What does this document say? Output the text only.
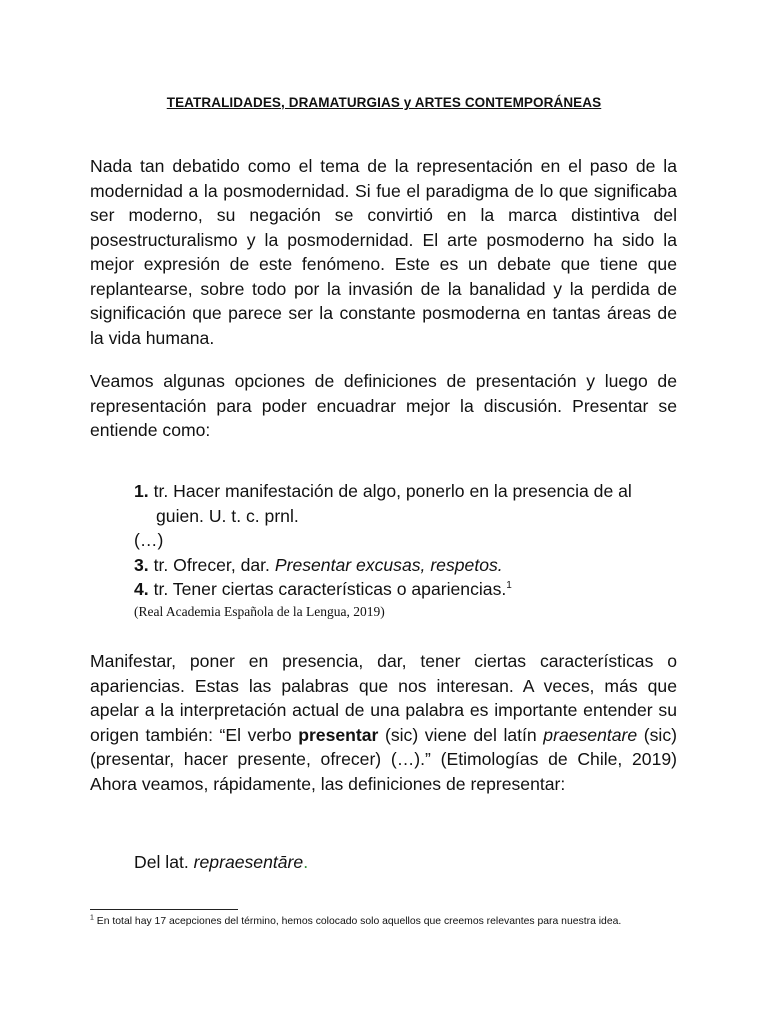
TEATRALIDADES, DRAMATURGIAS y ARTES CONTEMPORÁNEAS

Nada tan debatido como el tema de la representación en el paso de la modernidad a la posmodernidad. Si fue el paradigma de lo que significaba ser moderno, su negación se convirtió en la marca distintiva del posestructuralismo y la posmodernidad. El arte posmoderno ha sido la mejor expresión de este fenómeno. Este es un debate que tiene que replantearse, sobre todo por la invasión de la banalidad y la perdida de significación que parece ser la constante posmoderna en tantas áreas de la vida humana.

Veamos algunas opciones de definiciones de presentación y luego de representación para poder encuadrar mejor la discusión. Presentar se entiende como:

1. tr. Hacer manifestación de algo, ponerlo en la presencia de al
guien. U. t. c. prnl.
(…)
3. tr. Ofrecer, dar. Presentar excusas, respetos.
4. tr. Tener ciertas características o apariencias.$^1$
(Real Academia Española de la Lengua, 2019)

Manifestar, poner en presencia, dar, tener ciertas características o apariencias. Estas las palabras que nos interesan. A veces, más que apelar a la interpretación actual de una palabra es importante entender su origen también: “El verbo presentar (sic) viene del latín praesentare (sic) (presentar, hacer presente, ofrecer) (…).” (Etimologías de Chile, 2019) Ahora veamos, rápidamente, las definiciones de representar:

Del lat. repraesentāre.
$^1$ En total hay 17 acepciones del término, hemos colocado solo aquellos que creemos relevantes para nuestra idea.
